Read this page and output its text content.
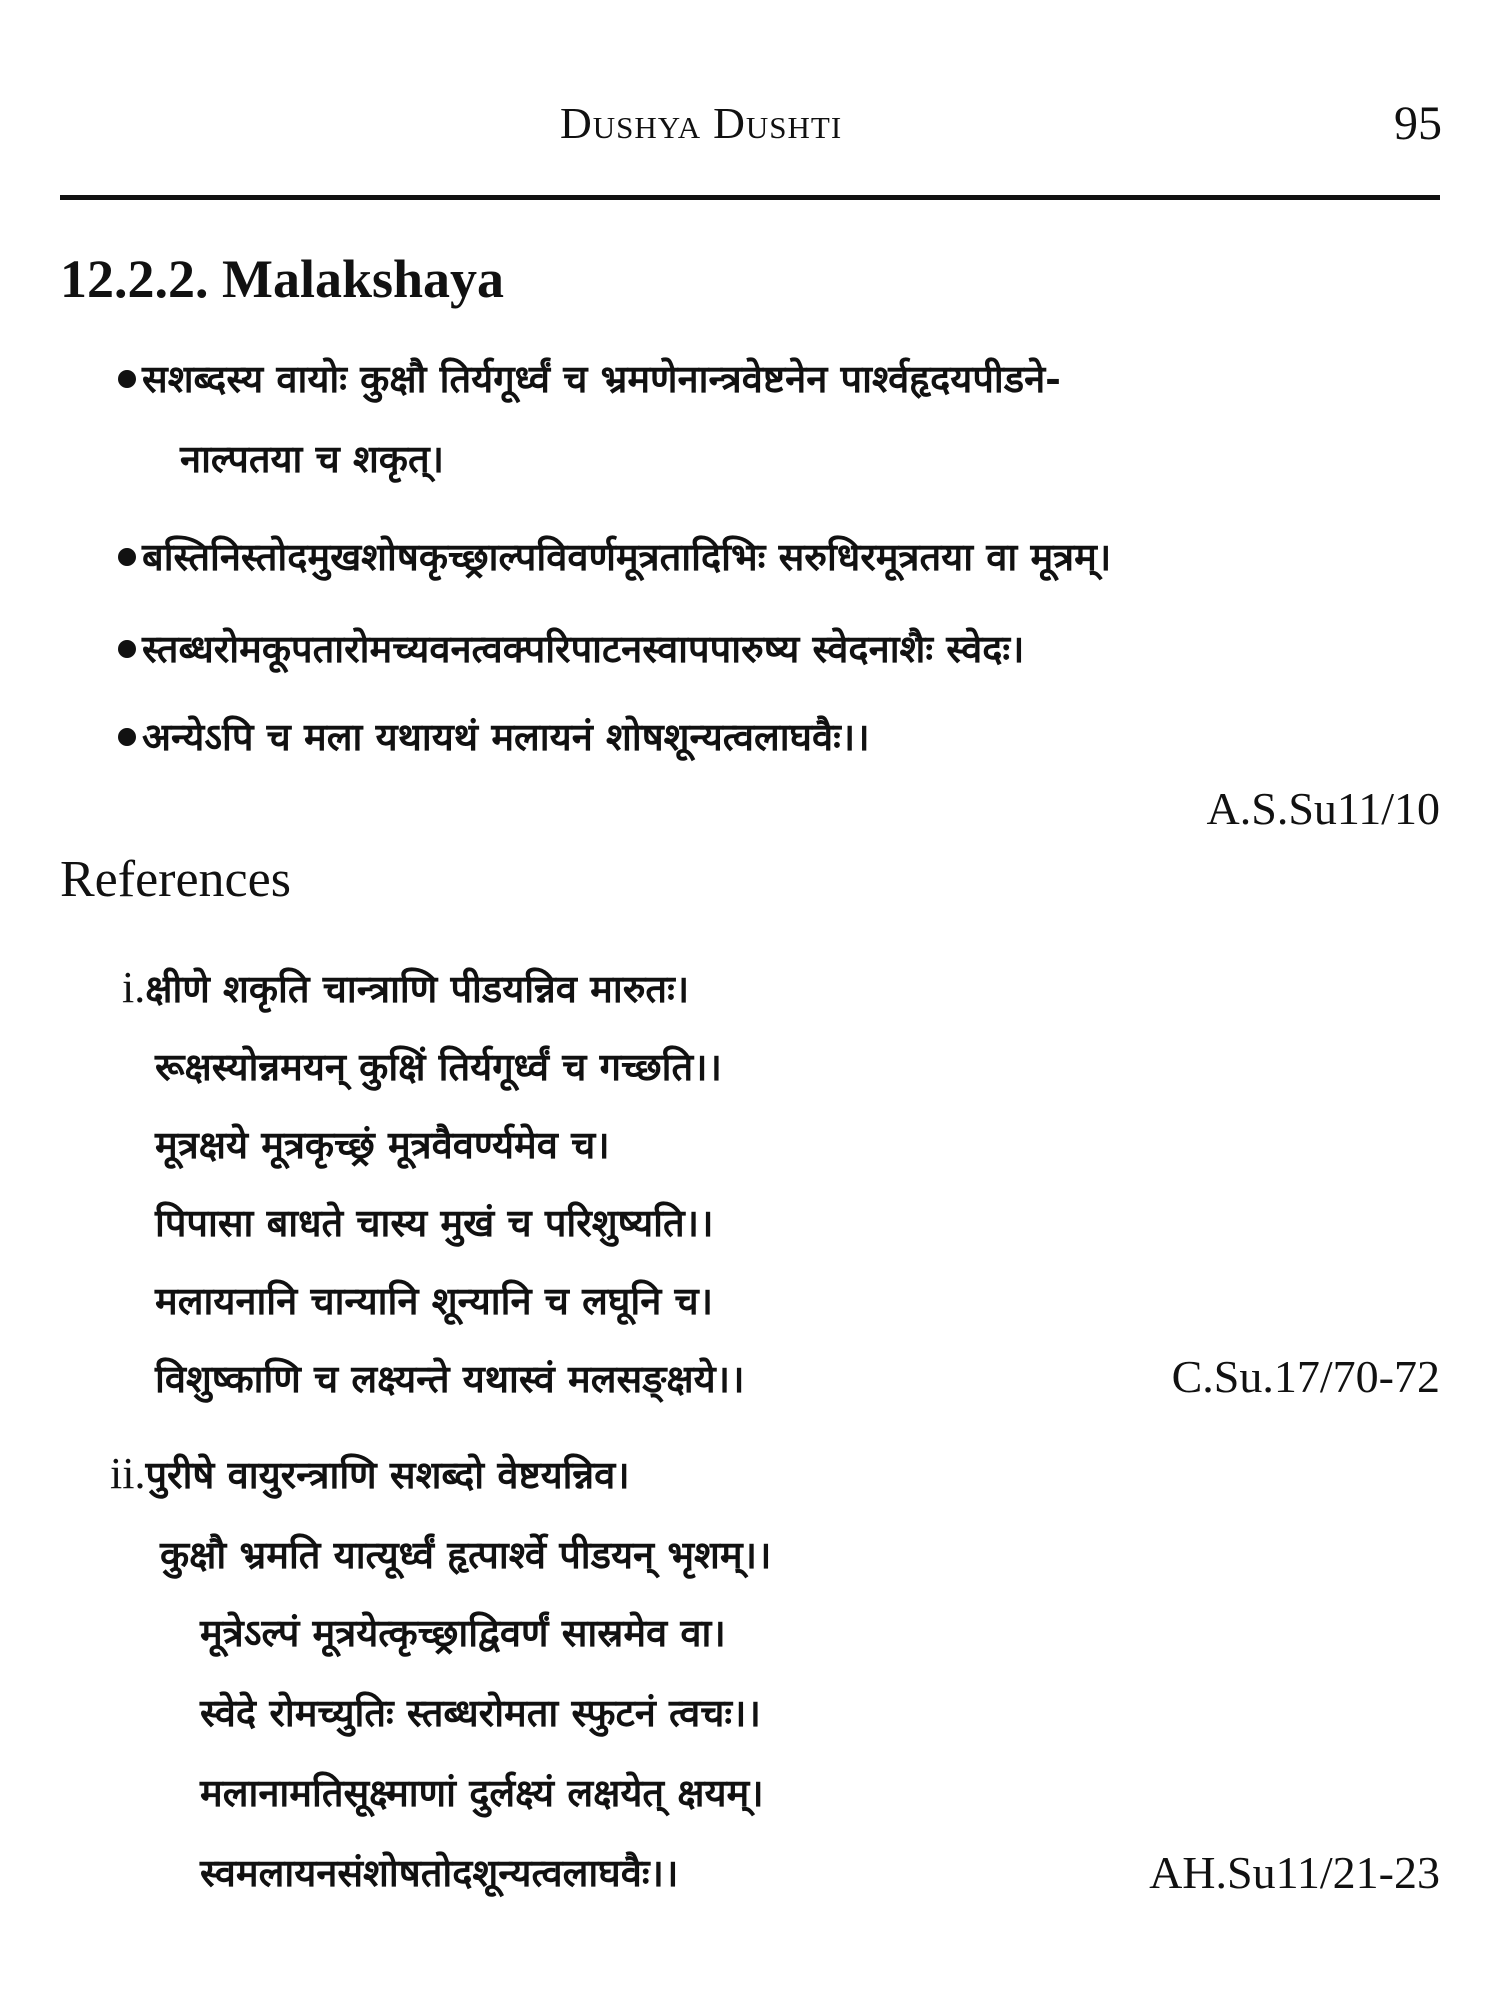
Dushya Dushti	95
12.2.2. Malakshaya
सशब्दस्य वायोः कुक्षौ तिर्यगूर्ध्वं च भ्रमणेनान्त्रवेष्टनेन पार्श्वहृदयपीडने-
नाल्पतया च शकृत्।
बस्तिनिस्तोदमुखशोषकृच्छ्राल्पविवर्णमूत्रतादिभिः सरुधिरमूत्रतया वा मूत्रम्।
स्तब्धरोमकूपतारोमच्यवनत्वक्परिपाटनस्वापपारुष्य स्वेदनाशैः स्वेदः।
अन्येऽपि च मला यथायथं मलायनं शोषशून्यत्वलाघवैः।।
A.S.Su11/10
References
i.क्षीणे शकृति चान्त्राणि पीडयन्निव मारुतः।
रूक्षस्योन्नमयन् कुक्षिं तिर्यगूर्ध्वं च गच्छति।।
मूत्रक्षये मूत्रकृच्छ्रं मूत्रवैवर्ण्यमेव च।
पिपासा बाधते चास्य मुखं च परिशुष्यति।।
मलायनानि चान्यानि शून्यानि च लघूनि च।
विशुष्काणि च लक्ष्यन्ते यथास्वं मलसङ्क्षये।।	C.Su.17/70-72
ii.पुरीषे वायुरन्त्राणि सशब्दो वेष्टयन्निव।
कुक्षौ भ्रमति यात्यूर्ध्वं हृत्पार्श्वे पीडयन् भृशम्।।
मूत्रेऽल्पं मूत्रयेत्कृच्छ्राद्विवर्णं सास्रमेव वा।
स्वेदे रोमच्युतिः स्तब्धरोमता स्फुटनं त्वचः।।
मलानामतिसूक्ष्माणां दुर्लक्ष्यं लक्षयेत् क्षयम्।
स्वमलायनसंशोषतोदशून्यत्वलाघवैः।।	AH.Su11/21-23
